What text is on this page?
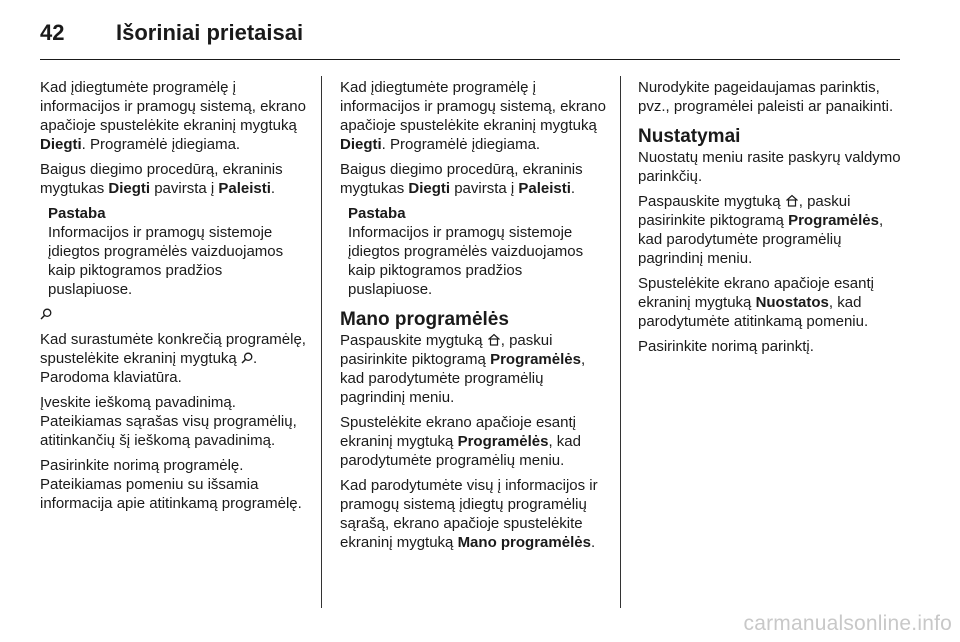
42 Išoriniai prietaisai

Kad įdiegtumėte programėlę į informacijos ir pramogų sistemą, ekrano apačioje spustelėkite ekraninį mygtuką Diegti. Programėlė įdiegiama.

Baigus diegimo procedūrą, ekraninis mygtukas Diegti pavirsta į Paleisti.

Pastaba
Informacijos ir pramogų sistemoje įdiegtos programėlės vaizduojamos kaip piktogramos pradžios puslapiuose.

Kad surastumėte konkrečią programėlę, spustelėkite ekraninį mygtuką . Parodoma klaviatūra.

Įveskite ieškomą pavadinimą. Pateikiamas sąrašas visų programėlių, atitinkančių šį ieškomą pavadinimą.

Pasirinkite norimą programėlę. Pateikiamas pomeniu su išsamia informacija apie atitinkamą programėlę.

Kad įdiegtumėte programėlę į informacijos ir pramogų sistemą, ekrano apačioje spustelėkite ekraninį mygtuką Diegti. Programėlė įdiegiama.

Baigus diegimo procedūrą, ekraninis mygtukas Diegti pavirsta į Paleisti.

Pastaba
Informacijos ir pramogų sistemoje įdiegtos programėlės vaizduojamos kaip piktogramos pradžios puslapiuose.
Mano programėlės

Paspauskite mygtuką , paskui pasirinkite piktogramą Programėlės, kad parodytumėte programėlių pagrindinį meniu.

Spustelėkite ekrano apačioje esantį ekraninį mygtuką Programėlės, kad parodytumėte programėlių meniu.

Kad parodytumėte visų į informacijos ir pramogų sistemą įdiegtų programėlių sąrašą, ekrano apačioje spustelėkite ekraninį mygtuką Mano programėlės.

Nurodykite pageidaujamas parinktis, pvz., programėlei paleisti ar panaikinti.

Nustatymai

Nuostatų meniu rasite paskyrų valdymo parinkčių.

Paspauskite mygtuką , paskui pasirinkite piktogramą Programėlės, kad parodytumėte programėlių pagrindinį meniu.

Spustelėkite ekrano apačioje esantį ekraninį mygtuką Nuostatos, kad parodytumėte atitinkamą pomeniu.

Pasirinkite norimą parinktį.

carmanualsonline.info
